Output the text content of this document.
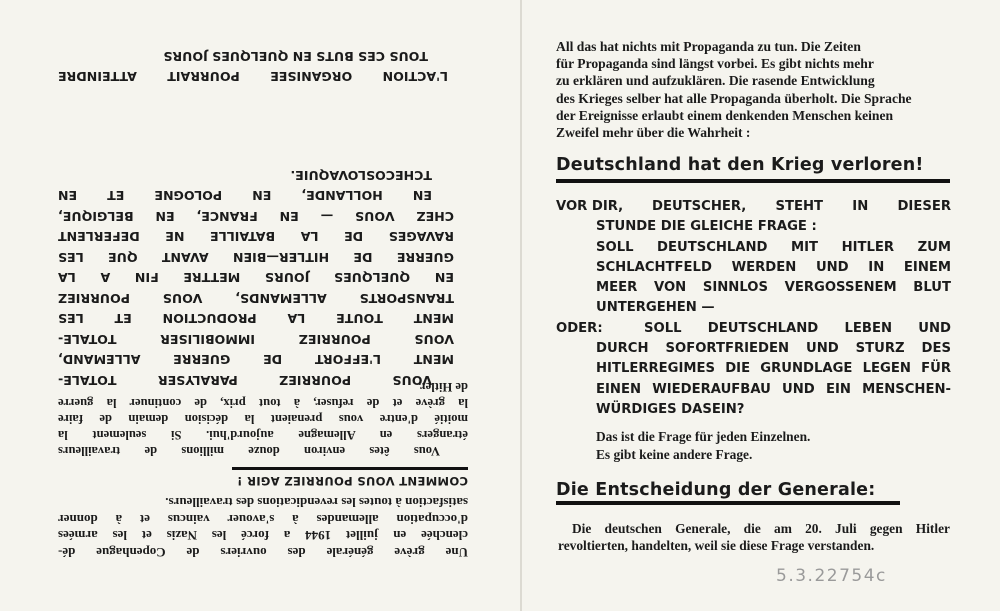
All das hat nichts mit Propaganda zu tun. Die Zeiten

für Propaganda sind längst vorbei. Es gibt nichts mehr

zu erklären und aufzuklären. Die rasende Entwicklung

des Krieges selber hat alle Propaganda überholt. Die Sprache

der Ereignisse erlaubt einem denkenden Menschen keinen

Zweifel mehr über die Wahrheit :

Deutschland hat den Krieg verloren!
VOR DIR,	DEUTSCHER, STEHT IN DIESER
STUNDE DIE GLEICHE FRAGE :
SOLL DEUTSCHLAND MIT HITLER ZUM
SCHLACHTFELD WERDEN UND IN EINEM
MEER VON SINNLOS VERGOSSENEM BLUT
UNTERGEHEN —
ODER:	SOLL DEUTSCHLAND LEBEN UND
DURCH SOFORTFRIEDEN UND STURZ DES
HITLERREGIMES DIE GRUNDLAGE LEGEN FÜR
EINEN WIEDERAUFBAU UND EIN MENSCHEN-
WÜRDIGES DASEIN?

Das ist die Frage für jeden Einzelnen.

Es gibt keine andere Frage.

Die Entscheidung der Generale:
Die deutschen Generale, die am 20. Juli gegen Hitler
revoltierten, handelten, weil sie diese Frage verstanden.
5.3.22754c
Une grève générale des ouvriers de Copenhague dé-
clenchée en juillet 1944 a forcé les Nazis et les armées
d'occupation allemandes à s'avouer vaincus et à donner
satisfaction à toutes les revendications des travailleurs.
COMMENT VOUS POURRIEZ AGIR !
Vous êtes environ douze millions de travailleurs
étrangers en Allemagne aujourd'hui. Si seulement la
moitié d'entre vous prenaient la décision demain de faire
la grève et de refuser, à tout prix, de continuer la guerre
de Hitler,
VOUS POURRIEZ PARALYSER TOTALE-
MENT L'EFFORT DE GUERRE ALLEMAND,
VOUS POURRIEZ IMMOBILISER TOTALE-
MENT TOUTE LA PRODUCTION ET LES
TRANSPORTS ALLEMANDS, VOUS POURRIEZ
EN QUELQUES JOURS METTRE FIN A LA
GUERRE DE HITLER—BIEN AVANT QUE LES
RAVAGES DE LA BATAILLE NE DEFERLENT
CHEZ VOUS — EN FRANCE, EN BELGIQUE,
EN HOLLANDE, EN POLOGNE ET EN
TCHECOSLOVAQUIE.
L'ACTION ORGANISEE POURRAIT ATTEINDRE
TOUS CES BUTS EN QUELQUES JOURS
